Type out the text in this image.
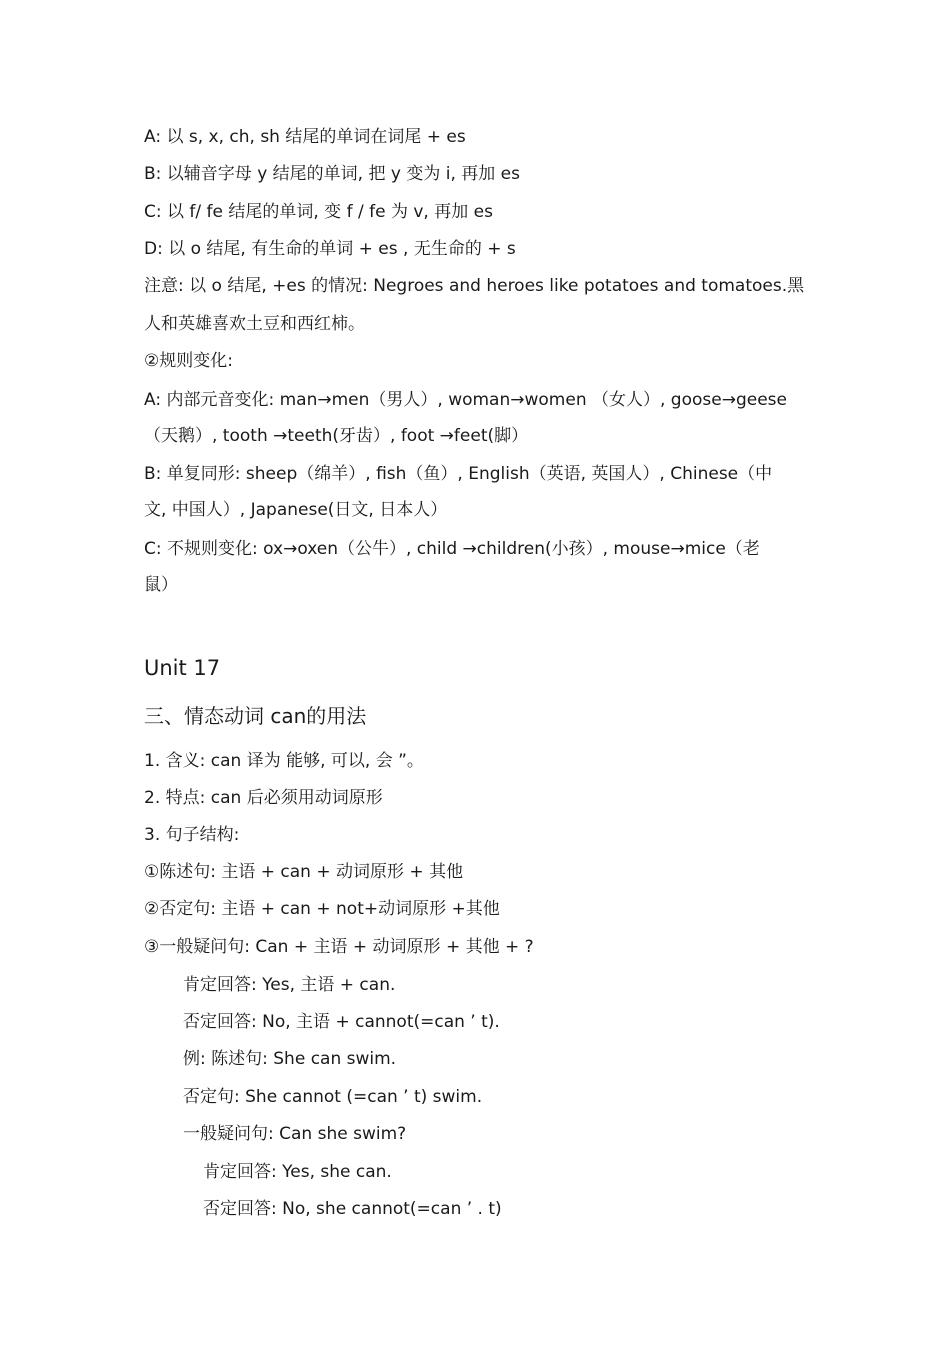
A: 以 s, x, ch, sh 结尾的单词在词尾 + es

B: 以辅音字母 y 结尾的单词, 把 y 变为 i, 再加 es

C: 以 f/ fe 结尾的单词, 变 f / fe 为 v, 再加 es

D: 以 o 结尾, 有生命的单词 + es , 无生命的 + s

注意: 以 o 结尾, +es 的情况: Negroes and heroes like potatoes and tomatoes.黑

人和英雄喜欢土豆和西红柿。

②规则变化:

A: 内部元音变化: man→men（男人）, woman→women （女人）, goose→geese

（天鹅）, tooth →teeth(牙齿）, foot →feet(脚）

B: 单复同形: sheep（绵羊）, fish（鱼）, English（英语, 英国人）, Chinese（中

文, 中国人）, Japanese(日文, 日本人）

C: 不规则变化: ox→oxen（公牛）, child →children(小孩）, mouse→mice（老

鼠）

Unit 17

三、情态动词 can的用法

1. 含义: can 译为 能够, 可以, 会 ”。

2. 特点: can 后必须用动词原形

3. 句子结构:

①陈述句: 主语 + can + 动词原形 + 其他

②否定句: 主语 + can + not+动词原形 +其他

③一般疑问句: Can + 主语 + 动词原形 + 其他 + ?

肯定回答: Yes, 主语 + can.

否定回答: No, 主语 + cannot(=can ’ t).

例: 陈述句: She can swim.

否定句: She cannot (=can ’ t) swim.

一般疑问句: Can she swim?

肯定回答: Yes, she can.

否定回答: No, she cannot(=can ’ . t)
